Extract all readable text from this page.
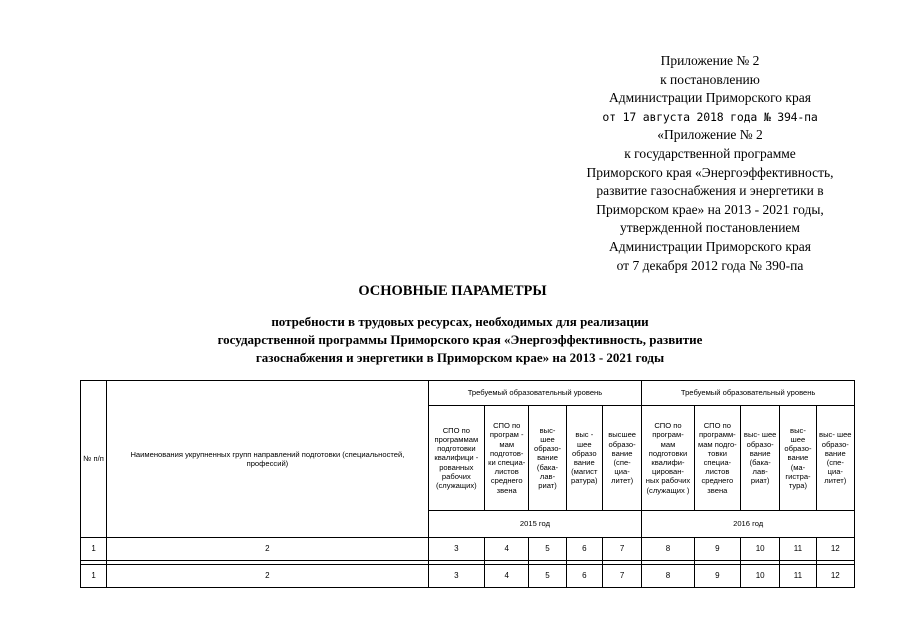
Приложение № 2
к постановлению
Администрации Приморского края
от 17 августа 2018 года № 394-па
«Приложение № 2
к государственной программе
Приморского края «Энергоэффективность,
развитие газоснабжения и энергетики в
Приморском крае» на 2013 - 2021 годы,
утвержденной постановлением
Администрации Приморского края
от 7 декабря 2012 года № 390-па
ОСНОВНЫЕ ПАРАМЕТРЫ
потребности в трудовых ресурсах, необходимых для реализации
государственной программы Приморского края «Энергоэффективность, развитие
газоснабжения и энергетики в Приморском крае» на 2013 - 2021 годы
№ п/п	Наименования укрупненных групп направлений подготовки (специальностей, профессий)	Требуемый образовательный уровень					Требуемый образовательный уровень				
		СПО по программам подготовки квалифици - рованных рабочих (служащих)	СПО по програм - мам подготов- ки специа- листов среднего звена	выс- шее образо- вание (бака- лав- риат)	выс - шее образо вание (магист ратура)	высшее образо- вание (спе- циа- литет)	СПО по програм- мам подготовки квалифи- цирован- ных рабочих (служащих )	СПО по программ- мам подго- товки специа- листов среднего звена	выс- шее образо- вание (бака- лав- риат)	выс- шее образо- вание (ма- гистра- тура)	выс- шее образо- вание (спе- циа- литет)
		2015 год					2016 год				
1	2	3	4	5	6	7	8	9	10	11	12

1	2	3	4	5	6	7	8	9	10	11	12
